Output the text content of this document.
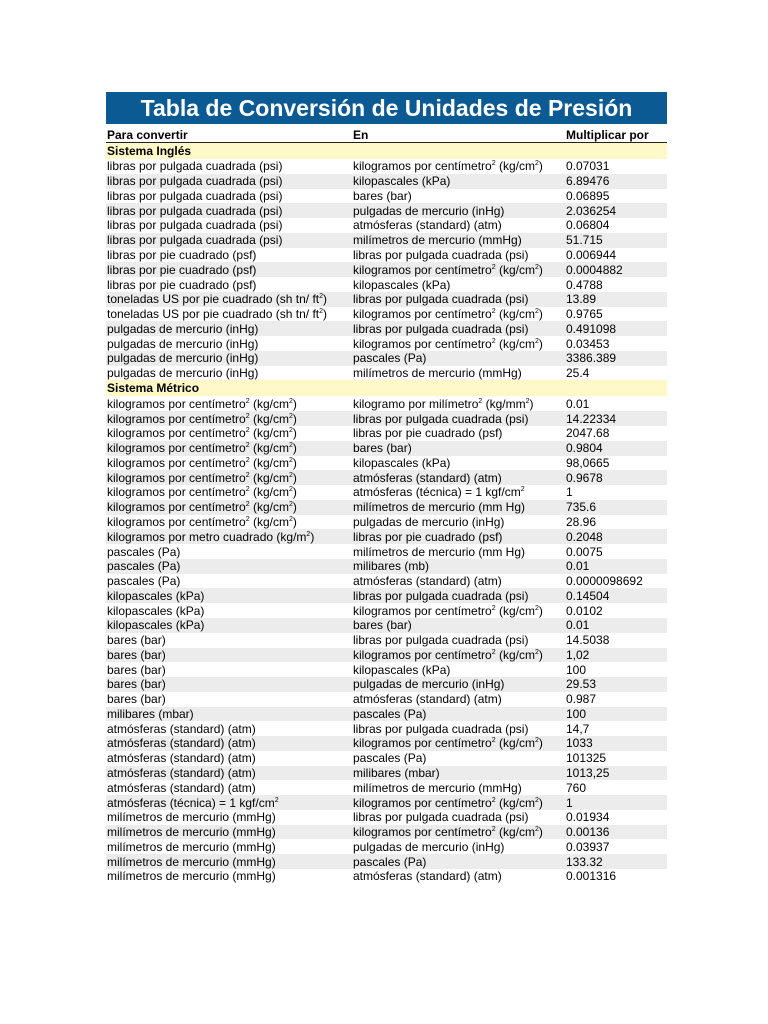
Tabla de Conversión de Unidades de Presión
Para convertir	En	Multiplicar por
Sistema Inglés
libras por pulgada cuadrada (psi)	kilogramos por centímetro$^2$ $(kg/cm^2)$	0.07031
libras por pulgada cuadrada (psi)	kilopascales (kPa)	6.89476
libras por pulgada cuadrada (psi)	bares (bar)	0.06895
libras por pulgada cuadrada (psi)	pulgadas de mercurio (inHg)	2.036254
libras por pulgada cuadrada (psi)	atmósferas (standard) (atm)	0.06804
libras por pulgada cuadrada (psi)	milímetros de mercurio (mmHg)	51.715
libras por pie cuadrado (psf)	libras por pulgada cuadrada (psi)	0.006944
libras por pie cuadrado (psf)	kilogramos por centímetro$^2$ $(kg/cm^2)$	0.0004882
libras por pie cuadrado (psf)	kilopascales (kPa)	0.4788
toneladas US por pie cuadrado (sh tn/ $ft^2$)	libras por pulgada cuadrada (psi)	13.89
toneladas US por pie cuadrado (sh tn/ $ft^2$)	kilogramos por centímetro$^2$ $(kg/cm^2)$	0.9765
pulgadas de mercurio (inHg)	libras por pulgada cuadrada (psi)	0.491098
pulgadas de mercurio (inHg)	kilogramos por centímetro$^2$ $(kg/cm^2)$	0.03453
pulgadas de mercurio (inHg)	pascales (Pa)	3386.389
pulgadas de mercurio (inHg)	milímetros de mercurio (mmHg)	25.4
Sistema Métrico
kilogramos por centímetro$^2$ $(kg/cm^2)$	kilogramo por milímetro$^2$ $(kg/mm^2)$	0.01
kilogramos por centímetro$^2$ $(kg/cm^2)$	libras por pulgada cuadrada (psi)	14.22334
kilogramos por centímetro$^2$ $(kg/cm^2)$	libras por pie cuadrado (psf)	2047.68
kilogramos por centímetro$^2$ $(kg/cm^2)$	bares (bar)	0.9804
kilogramos por centímetro$^2$ $(kg/cm^2)$	kilopascales (kPa)	98,0665
kilogramos por centímetro$^2$ $(kg/cm^2)$	atmósferas (standard) (atm)	0.9678
kilogramos por centímetro$^2$ $(kg/cm^2)$	atmósferas (técnica) = 1 kgf/$cm^2$	1
kilogramos por centímetro$^2$ $(kg/cm^2)$	milímetros de mercurio (mm Hg)	735.6
kilogramos por centímetro$^2$ $(kg/cm^2)$	pulgadas de mercurio (inHg)	28.96
kilogramos por metro cuadrado $(kg/m^2)$	libras por pie cuadrado (psf)	0.2048
pascales (Pa)	milímetros de mercurio (mm Hg)	0.0075
pascales (Pa)	milibares (mb)	0.01
pascales (Pa)	atmósferas (standard) (atm)	0.0000098692
kilopascales (kPa)	libras por pulgada cuadrada (psi)	0.14504
kilopascales (kPa)	kilogramos por centímetro$^2$ $(kg/cm^2)$	0.0102
kilopascales (kPa)	bares (bar)	0.01
bares (bar)	libras por pulgada cuadrada (psi)	14.5038
bares (bar)	kilogramos por centímetro$^2$ $(kg/cm^2)$	1,02
bares (bar)	kilopascales (kPa)	100
bares (bar)	pulgadas de mercurio (inHg)	29.53
bares (bar)	atmósferas (standard) (atm)	0.987
milibares (mbar)	pascales (Pa)	100
atmósferas (standard) (atm)	libras por pulgada cuadrada (psi)	14,7
atmósferas (standard) (atm)	kilogramos por centímetro$^2$ $(kg/cm^2)$	1033
atmósferas (standard) (atm)	pascales (Pa)	101325
atmósferas (standard) (atm)	milibares (mbar)	1013,25
atmósferas (standard) (atm)	milímetros de mercurio (mmHg)	760
atmósferas (técnica) = 1 kgf/$cm^2$	kilogramos por centímetro$^2$ $(kg/cm^2)$	1
milímetros de mercurio (mmHg)	libras por pulgada cuadrada (psi)	0.01934
milímetros de mercurio (mmHg)	kilogramos por centímetro$^2$ $(kg/cm^2)$	0.00136
milímetros de mercurio (mmHg)	pulgadas de mercurio (inHg)	0.03937
milímetros de mercurio (mmHg)	pascales (Pa)	133.32
milímetros de mercurio (mmHg)	atmósferas (standard) (atm)	0.001316
